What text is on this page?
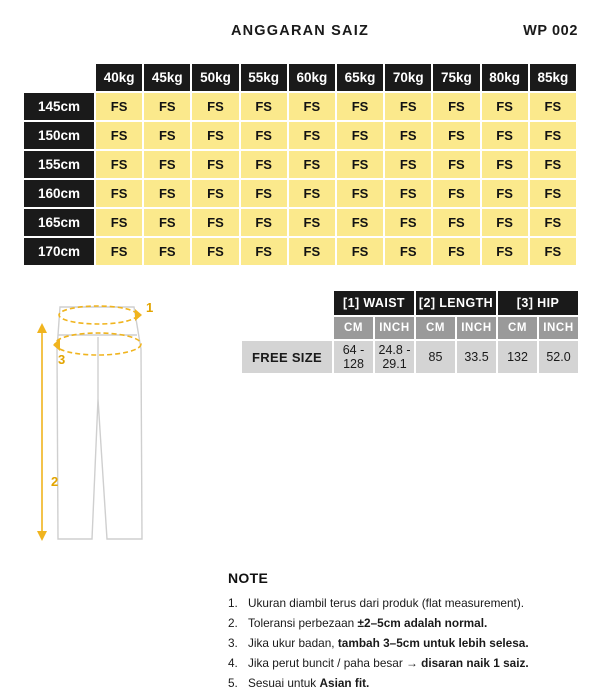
ANGGARAN SAIZ	WP 002
	40kg	45kg	50kg	55kg	60kg	65kg	70kg	75kg	80kg	85kg
145cm	FS	FS	FS	FS	FS	FS	FS	FS	FS	FS
150cm	FS	FS	FS	FS	FS	FS	FS	FS	FS	FS
155cm	FS	FS	FS	FS	FS	FS	FS	FS	FS	FS
160cm	FS	FS	FS	FS	FS	FS	FS	FS	FS	FS
165cm	FS	FS	FS	FS	FS	FS	FS	FS	FS	FS
170cm	FS	FS	FS	FS	FS	FS	FS	FS	FS	FS
1
2
3
	[1] WAIST		[2] LENGTH		[3] HIP	
	CM	INCH	CM	INCH	CM	INCH
FREE SIZE	64 - 128	24.8 - 29.1	85	33.5	132	52.0
NOTE
1. Ukuran diambil terus dari produk (flat measurement).
2. Toleransi perbezaan ±2–5cm adalah normal.
3. Jika ukur badan, tambah 3–5cm untuk lebih selesa.
4. Jika perut buncit / paha besar → disaran naik 1 saiz.
5. Sesuai untuk Asian fit.
